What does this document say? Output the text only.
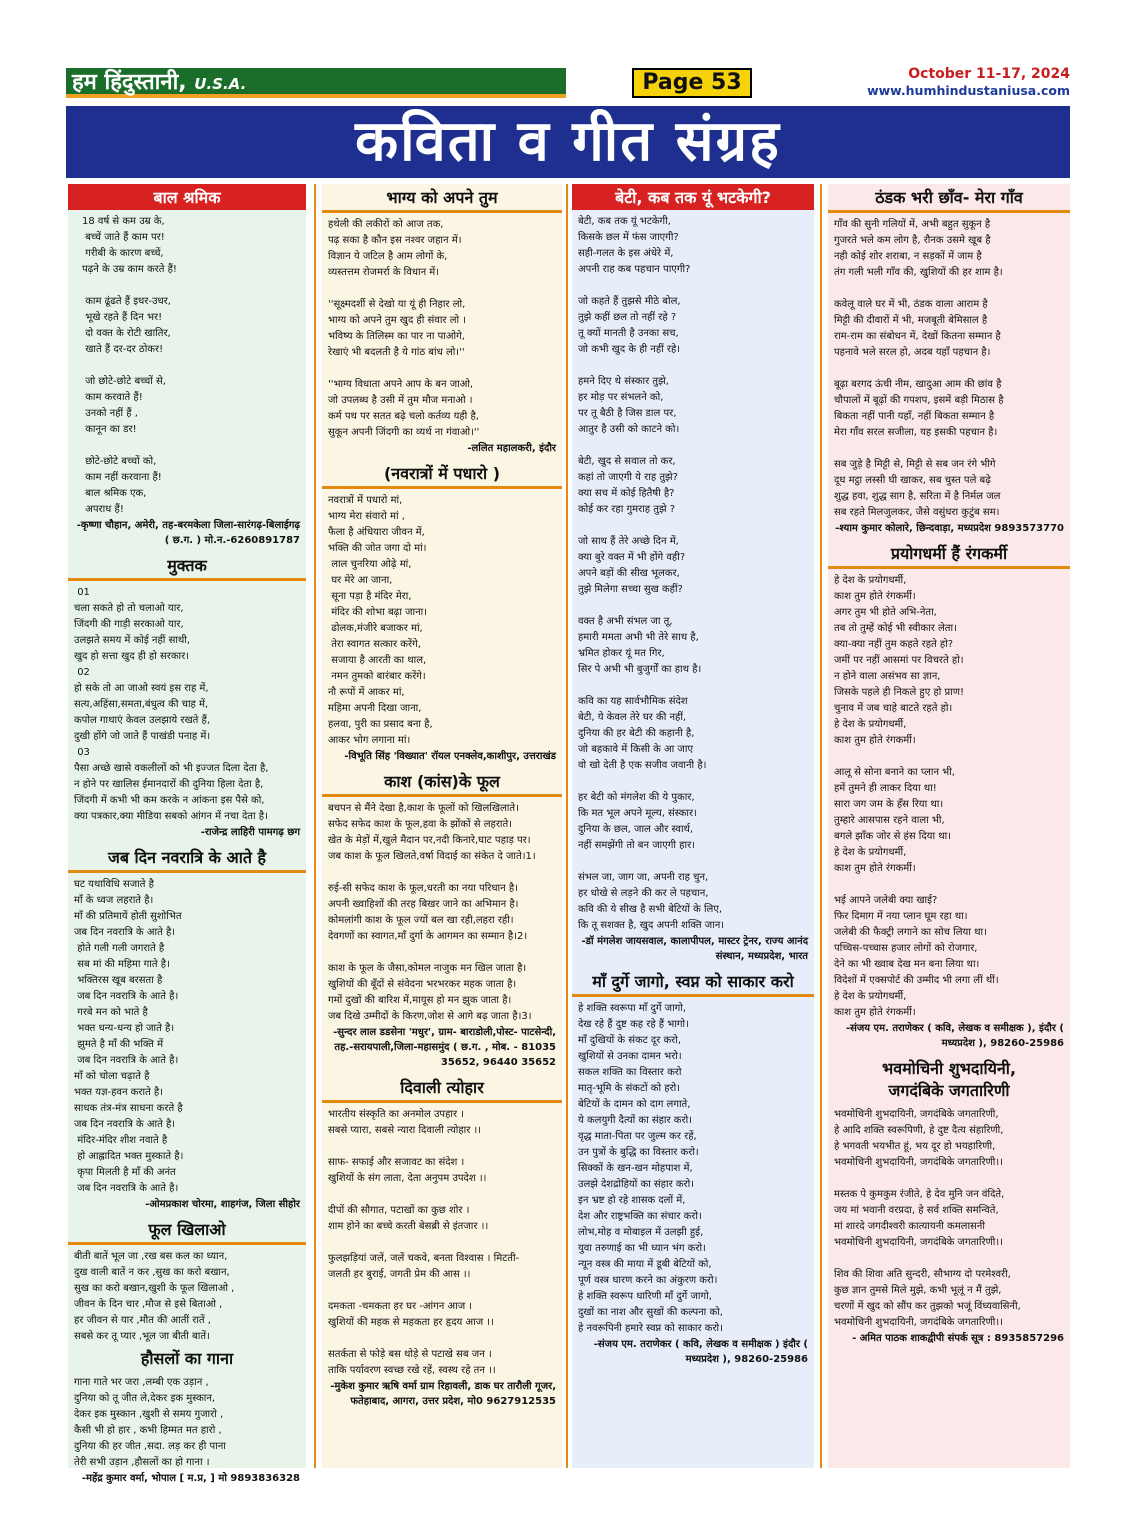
हम हिंदुस्तानी, U.S.A.	Page 53	October 11-17, 2024
www.humhindustaniusa.com
कविता व गीत संग्रह
बाल श्रमिक
18 वर्ष से कम उम्र के,
बच्चें जाते हैं काम पर!
गरीबी के कारण बच्चें,
पढ़ने के उम्र काम करते हैं!

काम ढूंढते हैं इधर-उधर,
भूखे रहते हैं दिन भर!
दो वक्त के रोटी खातिर,
खाते हैं दर-दर ठोकर!

जो छोटे-छोटे बच्चों से,
काम करवाते हैं!
उनको नहीं हैं ,
कानून का डर!

छोटे-छोटे बच्चों को,
काम नहीं करवाना हैं!
बाल श्रमिक एक,
अपराध हैं!
-कृष्णा चौहान, अमेरी, तह-बरमकेला जिला-सारंगढ़-बिलाईगढ़ ( छ.ग. ) मो.न.-6260891787
मुक्तक
01
चला सकते हो तो चलाओ यार,
जिंदगी की गाड़ी सरकाओ यार,
उलझते समय में कोई नहीं साथी,
खुद हो सत्ता खुद ही हो सरकार।
02
हो सके तो आ जाओ स्वयं इस राह में,
सत्य,अहिंसा,समता,बंधुत्व की चाह में,
कपोल गाथाएं केवल उलझाये रखते हैं,
दुखी होंगे जो जाते हैं पाखंडी पनाह में।
03
पैसा अच्छे खासे वकलीलों को भी इज्जत दिला देता है,
न होने पर खालिस ईमानदारों की दुनिया हिला देता है,
जिंदगी में कभी भी कम करके न आंकना इस पैसे को,
क्या पत्रकार,क्या मीडिया सबको आंगन में नचा देता है।
-राजेन्द्र लाहिरी पामगढ़ छग
जब दिन नवरात्रि के आते है
घट यथाविधि सजाते है
माँ के ध्वज लहराते है।
माँ की प्रतिमायें होती सुशोभित
जब दिन नवरात्रि के आते है।
होते गली गली जगराते है
सब मां की महिमा गाते है।
भक्तिरस खूब बरसता है
जब दिन नवरात्रि के आते है।
गरबे मन को भाते है
भक्त धन्य-धन्य हो जाते है।
झुमते है माँ की भक्ति में
जब दिन नवरात्रि के आते है।
माँ को चोला चढ़ाते है
भक्त यज्ञ-हवन कराते है।
साधक तंत्र-मंत्र साधना करते है
जब दिन नवरात्रि के आते है।
मंदिर-मंदिर शीश नवाते है
हो आह्लादित भक्त मुस्काते है।
कृपा मिलती है माँ की अनंत
जब दिन नवरात्रि के आते है।
-ओमप्रकाश चोरमा, शाहगंज, जिला सीहोर
फूल खिलाओ
बीती बातें भूल जा ,रख बस कल का ध्यान,
दुख वाली बातें न कर ,सुख का करो बखान,
सुख का करो बखान,खुशी के फूल खिलाओ ,
जीवन के दिन चार ,मौज से इसे बिताओ ,
हर जीवन से यार ,मौत की आतीं रातें ,
सबसे कर तू प्यार ,भूल जा बीती बातें।
हौसलों का गाना
गाना गाते भर जरा ,लम्बी एक उड़ान ,
दुनिया को तू जीत ले,देकर इक मुस्कान,
देकर इक मुस्कान ,खुशी से समय गुजारो ,
कैसी भी हो हार , कभी हिम्मत मत हारो ,
दुनिया की हर जीत ,सदा. लड़ कर ही पाना
तेरी सभी उड़ान ,हौसलों का हो गाना ।
-महेंद्र कुमार वर्मा, भोपाल [ म.प्र, ] मो 9893836328
भाग्य को अपने तुम
हथेली की लकीरों को आज तक,
पढ़ सका है कौन इस नश्वर जहान में।
विज्ञान ये जटिल है आम लोगों के,
व्यस्तत्तम रोजमर्रा के विधान में।

''सूक्ष्मदर्शी से देखो या यूं ही निहार लो,
भाग्य को अपने तुम खुद ही संवार लो ।
भविष्य के तिलिस्म का पार ना पाओगे,
रेखाएं भी बदलती है ये गांठ बांध लो।''

''भाग्य विधाता अपने आप के बन जाओ,
जो उपलब्ध है उसी में तुम मौज मनाओ ।
कर्म पथ पर सतत बढ़े चलो कर्तव्य यही है,
सुकून अपनी जिंदगी का व्यर्थ ना गंवाओ।''
-ललित महालकरी, इंदौर
(नवरात्रों में पधारो )
नवरात्रों में पधारो मां,
भाग्य मेरा संवारो मां ,
फैला है अंधियारा जीवन में,
भक्ति की जोत जगा दो मां।
लाल चुनरिया ओढ़े मां,
घर मेरे आ जाना,
सूना पड़ा है मंदिर मेरा,
मंदिर की शोभा बढ़ा जाना।
ढोलक,मंजीरे बजाकर मां,
तेरा स्वागत सत्कार करेंगे,
सजाया है आरती का थाल,
नमन तुमको बारंबार करेंगे।
नौ रूपों में आकर मां,
महिमा अपनी दिखा जाना,
हलवा, पुरी का प्रसाद बना है,
आकर भोग लगाना मां।
-विभूति सिंह 'विख्यात' रॉयल एनक्लेव,काशीपुर, उत्तराखंड
काश (कांस)के फूल
बचपन से मैंने देखा है,काश के फूलों को खिलखिलाते।
सफेद सफेद काश के फूल,हवा के झोंकों से लहराते।
खेत के मेड़ों में,खुले मैदान पर,नदी किनारे,घाट पहाड़ पर।
जब काश के फूल खिलते,वर्षा विदाई का संकेत दे जाते।1।

रुई-सी सफेद काश के फूल,धरती का नया परिधान है।
अपनी ख्वाहिशों की तरह बिखर जाने का अभिमान है।
कोमलांगी काश के फूल ज्यों बल खा रही,लहरा रही।
देवगणों का स्वागत,माँ दुर्गा के आगमन का सम्मान है।2।

काश के फूल के जैसा,कोमल नाजुक मन खिल जाता है।
खुशियों की बूँदों से संवेदना भरभरकर महक जाता है।
गमों दुखों की बारिश में,मायूस हो मन झुक जाता है।
जब दिखे उम्मीदों के किरण,जोश से आगे बढ़ जाता है।3।
-सुन्दर लाल डडसेना 'मधुर', ग्राम- बाराडोली,पोस्ट- पाटसेन्दी, तह.-सरायपाली,जिला-महासमुंद ( छ.ग. , मोब. - 81035 35652, 96440 35652
दिवाली त्योहार
भारतीय संस्कृति का अनमोल उपहार ।
सबसे प्यारा, सबसे न्यारा दिवाली त्योहार ।।

साफ- सफाई और सजावट का संदेश ।
खुशियों के संग लाता, देता अनुपम उपदेश ।।

दीपों की सौगात, पटाखों का कुछ शोर ।
शाम होने का बच्चे करती बेसब्री से इंतजार ।।

फुलझड़ियां जलें, जलें चकवे, बनता विश्वास । मिटती-
जलती हर बुराई, जगती प्रेम की आस ।।

दमकता -चमकता हर घर -आंगन आज ।
खुशियों की महक से महकता हर हृदय आज ।।

सतर्कता से फोड़े बस थोड़े से पटाखे सब जन ।
ताकि पर्यावरण स्वच्छ रखे रहें, स्वस्थ रहे तन ।।
-मुकेश कुमार ऋषि वर्मा ग्राम रिहावली, डाक घर तारौली गूजर, फतेहाबाद, आगरा, उत्तर प्रदेश, मो0 9627912535
बेटी, कब तक यूं भटकेगी?
बेटी, कब तक यूं भटकेगी,
किसके छल में फंस जाएगी?
सही-गलत के इस अंधेरे में,
अपनी राह कब पहचान पाएगी?

जो कहते हैं तुझसे मीठे बोल,
तुझे कहीं छल तो नहीं रहे ?
तू क्यों मानती है उनका सच,
जो कभी खुद के ही नहीं रहे।

हमने दिए थे संस्कार तुझे,
हर मोड़ पर संभलने को,
पर तू बैठी है जिस डाल पर,
आतुर है उसी को काटने को।

बेटी, खुद से सवाल तो कर,
कहां तो जाएगी ये राह तुझे?
क्या सच में कोई हितैषी है?
कोई कर रहा गुमराह तुझे ?

जो साथ हैं तेरे अच्छे दिन में,
क्या बुरे वक्त में भी होंगे वही?
अपने बड़ों की सीख भूलकर,
तुझे मिलेगा सच्चा सुख कहीं?

वक्त है अभी संभल जा तू,
हमारी ममता अभी भी तेरे साथ है,
भ्रमित होकर यूं मत गिर,
सिर पे अभी भी बुजुर्गों का हाथ है।

कवि का यह सार्वभौमिक संदेश
बेटी, ये केवल तेरे घर की नहीं,
दुनिया की हर बेटी की कहानी है,
जो बहकावे में किसी के आ जाए
वो खो देती है एक सजीव जवानी है।

हर बेटी को मंगलेश की ये पुकार,
कि मत भूल अपने मूल्य, संस्कार।
दुनिया के छल, जाल और स्वार्थ,
नहीं समझेंगी तो बन जाएगी हार।

संभल जा, जाग जा, अपनी राह चुन,
हर धोखे से लड़ने की कर ले पहचान,
कवि की ये सीख है सभी बेटियों के लिए,
कि तू सशक्त है, खुद अपनी शक्ति जान।
-डॉ मंगलेश जायसवाल, कालापीपल, मास्टर ट्रेनर, राज्य आनंद संस्थान, मध्यप्रदेश, भारत
माँ दुर्गे जागो, स्वप्न को साकार करो
हे शक्ति स्वरूपा माँ दुर्गे जागो,
देख रहे हैं दुष्ट कह रहे हैं भागो।
माँ दुखियों के संकट दूर करो,
खुशियों से उनका दामन भरो।
सकल शक्ति का विस्तार करो
मातृ-भूमि के संकटों को हरो।
बेटियों के दामन को दाग लगाते,
ये कलयुगी दैत्यों का संहार करो।
वृद्ध माता-पिता पर जुल्म कर रहें,
उन पुत्रों के बुद्धि का विस्तार करो।
सिक्कों के खन-खन मोहपाश में,
उलझे देशद्रोहियों का संहार करो।
इन भ्रष्ट हो रहे शासक दलों में,
देश और राष्ट्रभक्ति का संचार करो।
लोभ,मोह व मोबाइल में उलझी हुई,
युवा तरुणाई का भी ध्यान भंग करो।
न्यून वस्त्र की माया में डूबी बेटियों को,
पूर्ण वस्त्र धारण करने का अंकुरण करो।
हे शक्ति स्वरूप धारिणी माँ दुर्गे जागो,
दुखों का नाश और सुखों की कल्पना को,
हे नवरूपिनी हमारे स्वप्न को साकार करो।
-संजय एम. तराणेकर ( कवि, लेखक व समीक्षक ) इंदौर ( मध्यप्रदेश ), 98260-25986
ठंडक भरी छाँव- मेरा गाँव
गाँव की सुनी गलियों में, अभी बहुत सुकून है
गुजरते भले कम लोग है, रौनक उसमे खूब है
नही कोई शोर शराबा, न सड़कों में जाम है
तंग गली भली गाँव की, खुशियों की हर शाम है।

कवेलू वाले घर में भी, ठंडक वाला आराम है
मिट्टी की दीवारों में भी, मजबूती बेमिसाल है
राम-राम का संबोधन में, देखों कितना सम्मान है
पहनावे भले सरल हो, अदब यहाँ पहचान है।

बूढ़ा बरगद ऊंची नीम, खादुआ आम की छांव है
चौपालों में बूढ़ों की गपशप, इसमें बड़ी मिठास है
बिकता नहीं पानी यहाँ, नहीं बिकता सम्मान है
मेरा गाँव सरल सजीला, यह इसकी पहचान है।

सब जुड़े है मिट्टी से, मिट्टी से सब जन रंगे भीगे
दूध मट्ठा लस्सी घी खाकर, सब चुस्त पले बढ़े
शुद्ध हवा, शुद्ध साग है, सरिता में है निर्मल जल
सब रहते मिलजुलकर, जैसे वसुंधरा कुटुंब सम।
-श्याम कुमार कोलारे, छिन्दवाड़ा, मध्यप्रदेश 9893573770
प्रयोगधर्मी हैं रंगकर्मी
हे देश के प्रयोगधर्मी,
काश तुम होते रंगकर्मी।
अगर तुम भी होते अभि-नेता,
तब तो तुम्हें कोई भी स्वीकार लेता।
क्या-क्या नहीं तुम कहते रहते हो?
जमीं पर नहीं आसमां पर विचरते हो।
न होने वाला असंभव सा ज्ञान,
जिसके पहले ही निकले हुए हो प्राण!
चुनाव में जब चाहे बाटते रहते हो।
हे देश के प्रयोगधर्मी,
काश तुम होते रंगकर्मी।

आलू से सोना बनाने का प्लान भी,
हमें तुमने ही लाकर दिया था!
सारा जग जम के हँस रिया था।
तुम्हारे आसपास रहने वाला भी,
बगले झाँक जोर से हंस दिया था।
हे देश के प्रयोगधर्मी,
काश तुम होते रंगकर्मी।

भई आपने जलेबी क्या खाई?
फिर दिमाग में नया प्लान घूम रहा था।
जलेबी की फैक्ट्री लगाने का सोच लिया था।
पच्चिस-पच्चास हजार लोगों को रोजगार,
देने का भी ख्वाब देख मन बना लिया था।
विदेशों में एक्सपोर्ट की उम्मीद भी लगा लीं थीं।
हे देश के प्रयोगधर्मी,
काश तुम होते रंगकर्मी।
-संजय एम. तराणेकर ( कवि, लेखक व समीक्षक ), इंदौर ( मध्यप्रदेश ), 98260-25986
भवमोचिनी शुभदायिनी,
जगदंबिके जगतारिणी
भवमोचिनी शुभदायिनी, जगदंबिके जगतारिणी,
हे आदि शक्ति स्वरूपिणी, हे दुष्ट दैत्य संहारिणी,
हे भगवती भयभीत हूं, भय दूर हो भयहारिणी,
भवमोचिनी शुभदायिनी, जगदंबिके जगतारिणी।।

मस्तक पे कुमकुम रंजीते, हे देव मुनि जन वंदिते,
जय मां भवानी वरप्रदा, हे सर्व शक्ति समन्विते,
मां शारदे जगदीश्वरी कात्यायनी कमलासनी
भवमोचिनी शुभदायिनी, जगदंबिके जगतारिणी।।

शिव की शिवा अति सुन्दरी, सौभाग्य दो परमेश्वरी,
कुछ ज्ञान तुमसे मिले मुझे, कभी भूलूं न मैं तुझे,
चरणों में खुद को सौंप कर तुझको भजूं विंध्यवासिनी,
भवमोचिनी शुभदायिनी, जगदंबिके जगतारिणी।।
- अमित पाठक शाकद्वीपी संपर्क सूत्र : 8935857296
